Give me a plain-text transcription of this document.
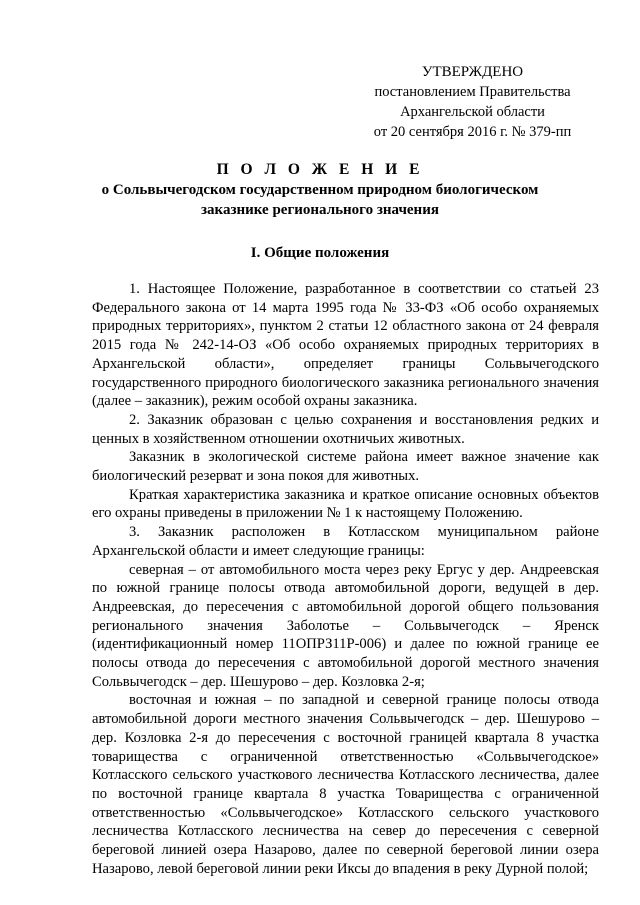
УТВЕРЖДЕНО
постановлением Правительства
Архангельской области
от 20 сентября 2016 г. № 379-пп
П О Л О Ж Е Н И Е
о Сольвычегодском государственном природном биологическом
заказнике регионального значения
I. Общие положения

1. Настоящее Положение, разработанное в соответствии со статьей 23 Федерального закона от 14 марта 1995 года № 33-ФЗ «Об особо охраняемых природных территориях», пунктом 2 статьи 12 областного закона от 24 февраля 2015 года № 242-14-ОЗ «Об особо охраняемых природных территориях в Архангельской области», определяет границы Сольвычегодского государственного природного биологического заказника регионального значения (далее – заказник), режим особой охраны заказника.

2. Заказник образован с целью сохранения и восстановления редких и ценных в хозяйственном отношении охотничьих животных.

Заказник в экологической системе района имеет важное значение как биологический резерват и зона покоя для животных.

Краткая характеристика заказника и краткое описание основных объектов его охраны приведены в приложении № 1 к настоящему Положению.

3. Заказник расположен в Котласском муниципальном районе Архангельской области и имеет следующие границы:

северная – от автомобильного моста через реку Ергус у дер. Андреевская по южной границе полосы отвода автомобильной дороги, ведущей в дер. Андреевская, до пересечения с автомобильной дорогой общего пользования регионального значения Заболотье – Сольвычегодск – Яренск (идентификационный номер 11ОПРЗ11Р-006) и далее по южной границе ее полосы отвода до пересечения с автомобильной дорогой местного значения Сольвычегодск – дер. Шешурово – дер. Козловка 2-я;

восточная и южная – по западной и северной границе полосы отвода автомобильной дороги местного значения Сольвычегодск – дер. Шешурово – дер. Козловка 2-я до пересечения с восточной границей квартала 8 участка товарищества с ограниченной ответственностью «Сольвычегодское» Котласского сельского участкового лесничества Котласского лесничества, далее по восточной границе квартала 8 участка Товарищества с ограниченной ответственностью «Сольвычегодское» Котласского сельского участкового лесничества Котласского лесничества на север до пересечения с северной береговой линией озера Назарово, далее по северной береговой линии озера Назарово, левой береговой линии реки Иксы до впадения в реку Дурной полой;
